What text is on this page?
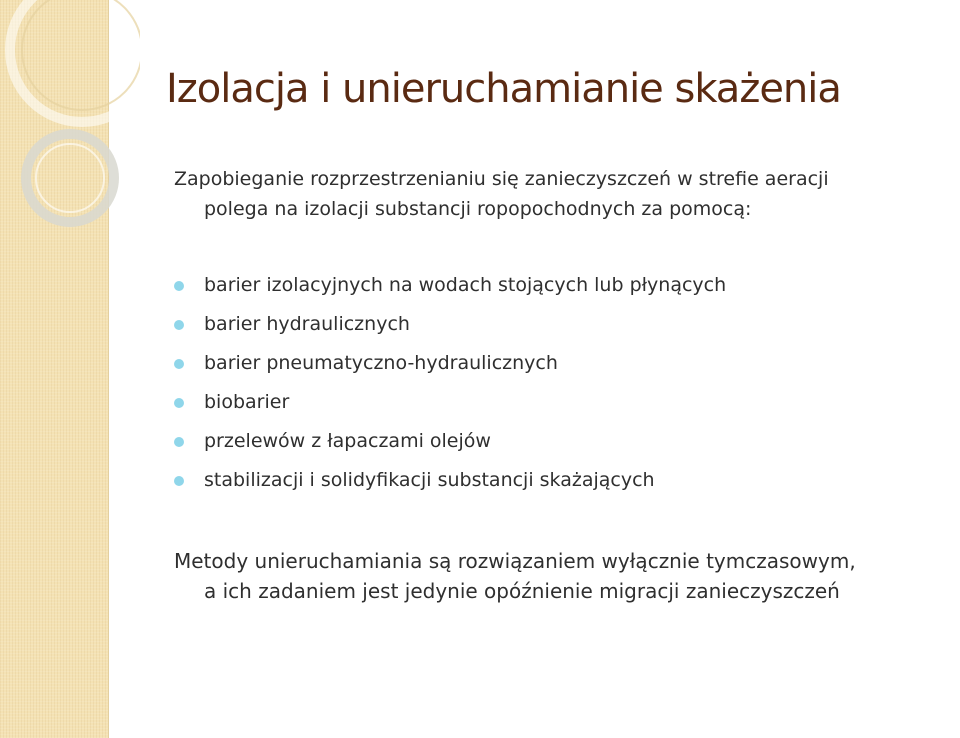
Izolacja i unieruchamianie skażenia

Zapobieganie rozprzestrzenianiu się zanieczyszczeń w strefie aeracji
polega na izolacji substancji ropopochodnych za pomocą:

barier izolacyjnych na wodach stojących lub płynących
barier hydraulicznych
barier pneumatyczno-hydraulicznych
biobarier
przelewów z łapaczami olejów
stabilizacji i solidyfikacji substancji skażających

Metody unieruchamiania są rozwiązaniem wyłącznie tymczasowym,
a ich zadaniem jest jedynie opóźnienie migracji zanieczyszczeń
